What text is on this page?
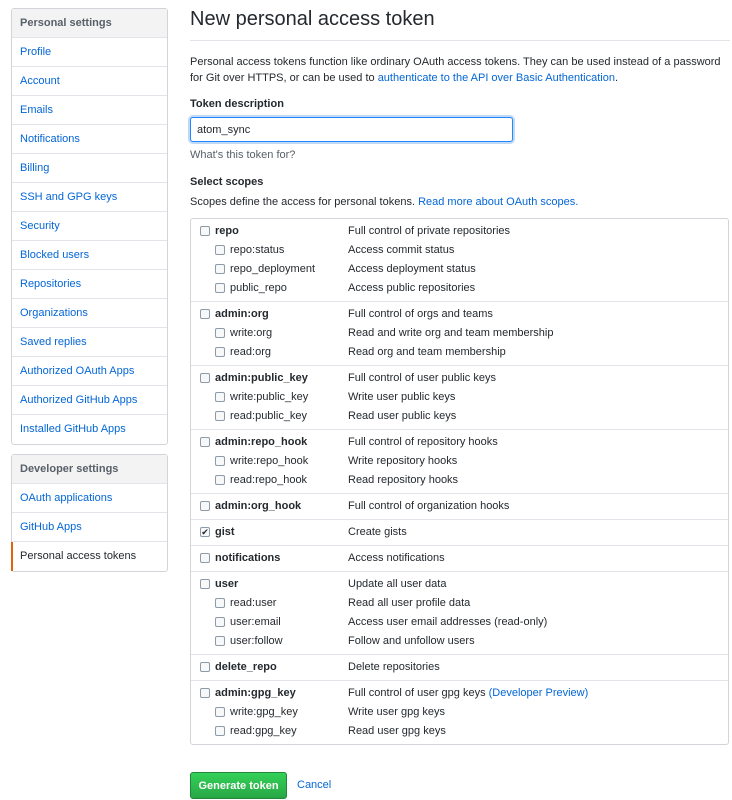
Personal settings
Profile
Account
Emails
Notifications
Billing
SSH and GPG keys
Security
Blocked users
Repositories
Organizations
Saved replies
Authorized OAuth Apps
Authorized GitHub Apps
Installed GitHub Apps
Developer settings
OAuth applications
GitHub Apps
Personal access tokens
New personal access token

Personal access tokens function like ordinary OAuth access tokens. They can be used instead of a password for Git over HTTPS, or can be used to authenticate to the API over Basic Authentication.

Token description
atom_sync
What's this token for?
Select scopes
Scopes define the access for personal tokens. Read more about OAuth scopes.
repo	Full control of private repositories
repo:status	Access commit status
repo_deployment	Access deployment status
public_repo	Access public repositories
admin:org	Full control of orgs and teams
write:org	Read and write org and team membership
read:org	Read org and team membership
admin:public_key	Full control of user public keys
write:public_key	Write user public keys
read:public_key	Read user public keys
admin:repo_hook	Full control of repository hooks
write:repo_hook	Write repository hooks
read:repo_hook	Read repository hooks
admin:org_hook	Full control of organization hooks
✔ gist	Create gists
notifications	Access notifications
user	Update all user data
read:user	Read all user profile data
user:email	Access user email addresses (read-only)
user:follow	Follow and unfollow users
delete_repo	Delete repositories
admin:gpg_key	Full control of user gpg keys (Developer Preview)
write:gpg_key	Write user gpg keys
read:gpg_key	Read user gpg keys
Generate token	Cancel
